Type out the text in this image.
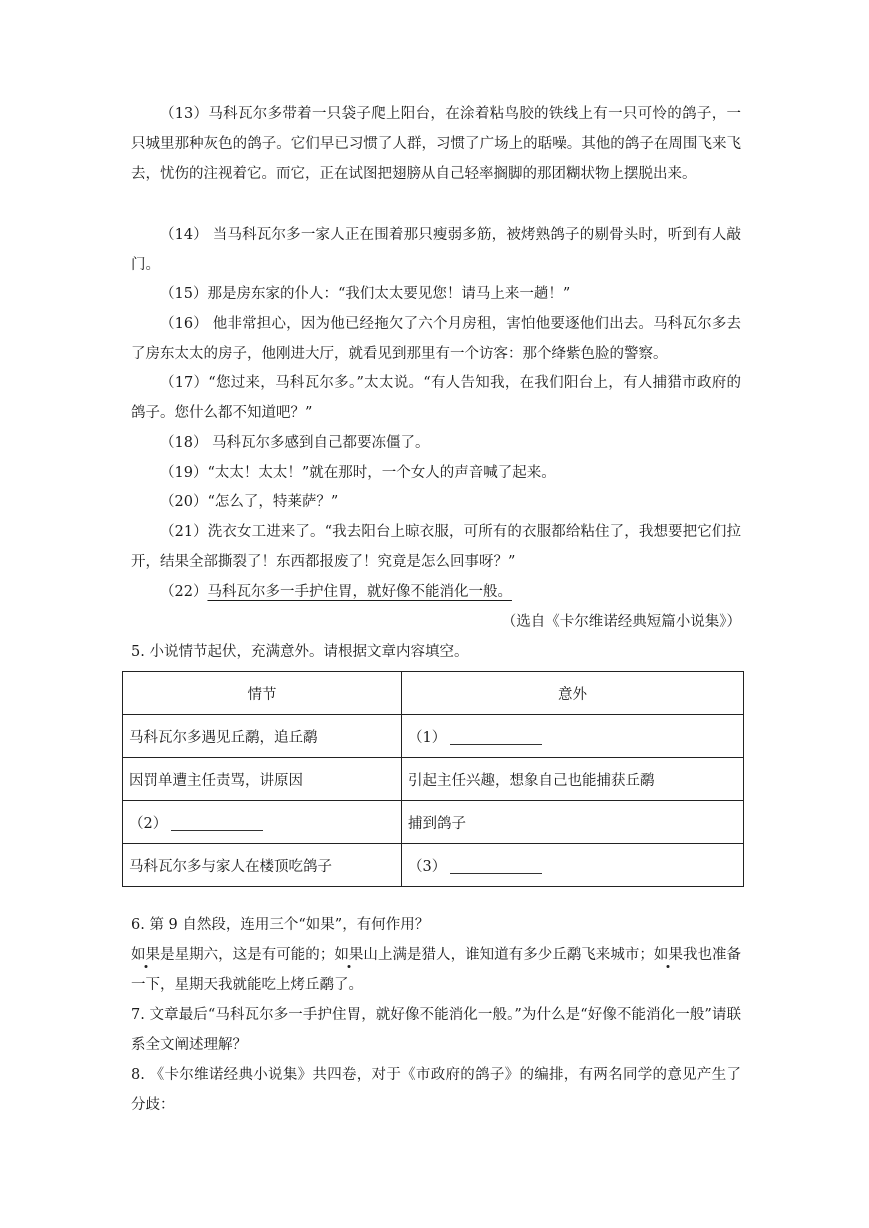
（13）马科瓦尔多带着一只袋子爬上阳台，在涂着粘鸟胶的铁线上有一只可怜的鸽子，一只城里那种灰色的鸽子。它们早已习惯了人群，习惯了广场上的聒噪。其他的鸽子在周围飞来飞去，忧伤的注视着它。而它，正在试图把翅膀从自己轻率搁脚的那团糊状物上摆脱出来。

（14） 当马科瓦尔多一家人正在围着那只瘦弱多筋，被烤熟鸽子的剔骨头时，听到有人敲门。

（15）那是房东家的仆人：“我们太太要见您！请马上来一趟！”

（16） 他非常担心，因为他已经拖欠了六个月房租，害怕他要逐他们出去。马科瓦尔多去了房东太太的房子，他刚进大厅，就看见到那里有一个访客：那个绛紫色脸的警察。

（17）“您过来，马科瓦尔多。”太太说。“有人告知我，在我们阳台上，有人捕猎市政府的鸽子。您什么都不知道吧？”

（18） 马科瓦尔多感到自己都要冻僵了。

（19）“太太！太太！”就在那时，一个女人的声音喊了起来。

（20）“怎么了，特莱萨？”

（21）洗衣女工进来了。“我去阳台上晾衣服，可所有的衣服都给粘住了，我想要把它们拉开，结果全部撕裂了！东西都报废了！究竟是怎么回事呀？”

（22）马科瓦尔多一手护住胃，就好像不能消化一般。

（选自《卡尔维诺经典短篇小说集》）

5. 小说情节起伏，充满意外。请根据文章内容填空。

情节	意外
马科瓦尔多遇见丘鹬，追丘鹬	（1）
因罚单遭主任责骂，讲原因	引起主任兴趣，想象自己也能捕获丘鹬
（2）	捕到鸽子
马科瓦尔多与家人在楼顶吃鸽子	（3）

6. 第 9 自然段，连用三个“如果”，有何作用？

如果是星期六，这是有可能的；如果山上满是猎人，谁知道有多少丘鹬飞来城市；如果我也准备一下，星期天我就能吃上烤丘鹬了。

7. 文章最后“马科瓦尔多一手护住胃，就好像不能消化一般。”为什么是“好像不能消化一般”请联系全文阐述理解？

8. 《卡尔维诺经典小说集》共四卷，对于《市政府的鸽子》的编排，有两名同学的意见产生了分歧：
